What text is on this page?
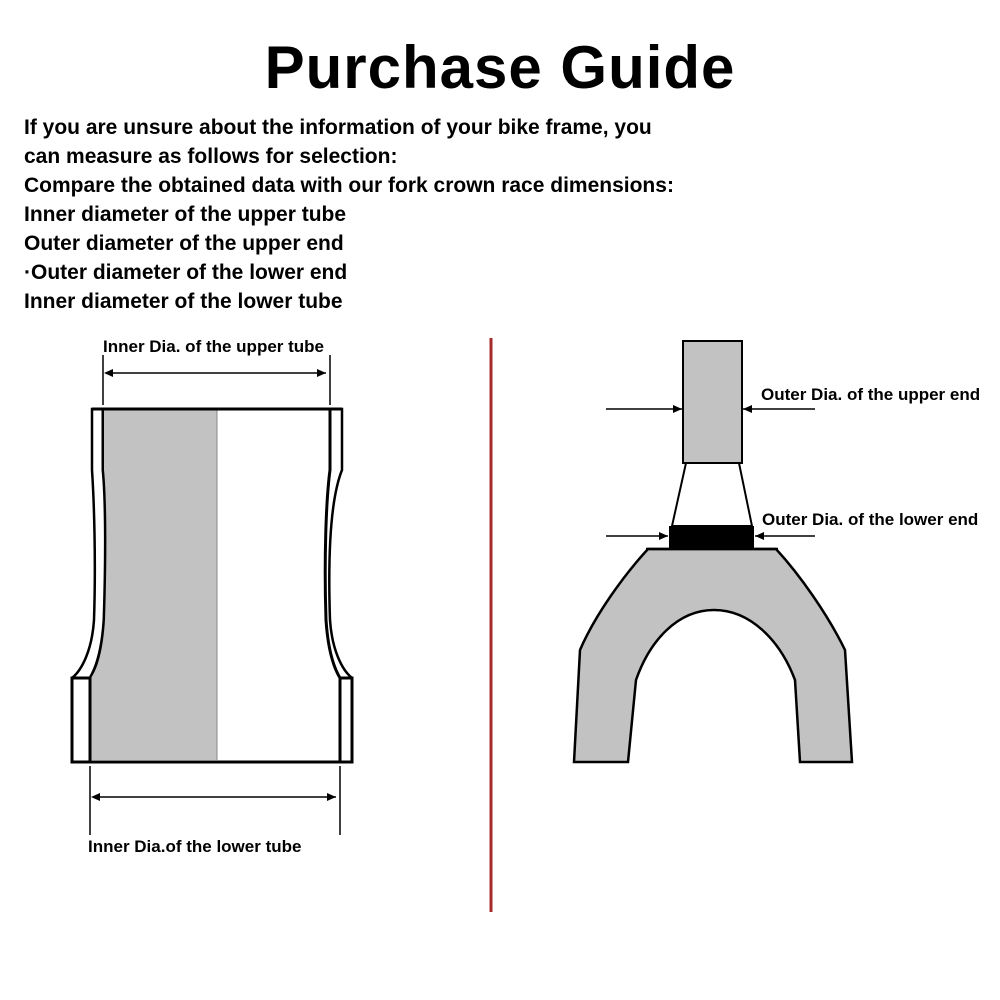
Purchase Guide
If you are unsure about the information of your bike frame, you
can measure as follows for selection:
Compare the obtained data with our fork crown race dimensions:
Inner diameter of the upper tube
Outer diameter of the upper end
·Outer diameter of the lower end
Inner diameter of the lower tube
Inner Dia. of the upper tube
Inner Dia.of the lower tube
Outer Dia. of the upper end
Outer Dia. of the lower end
